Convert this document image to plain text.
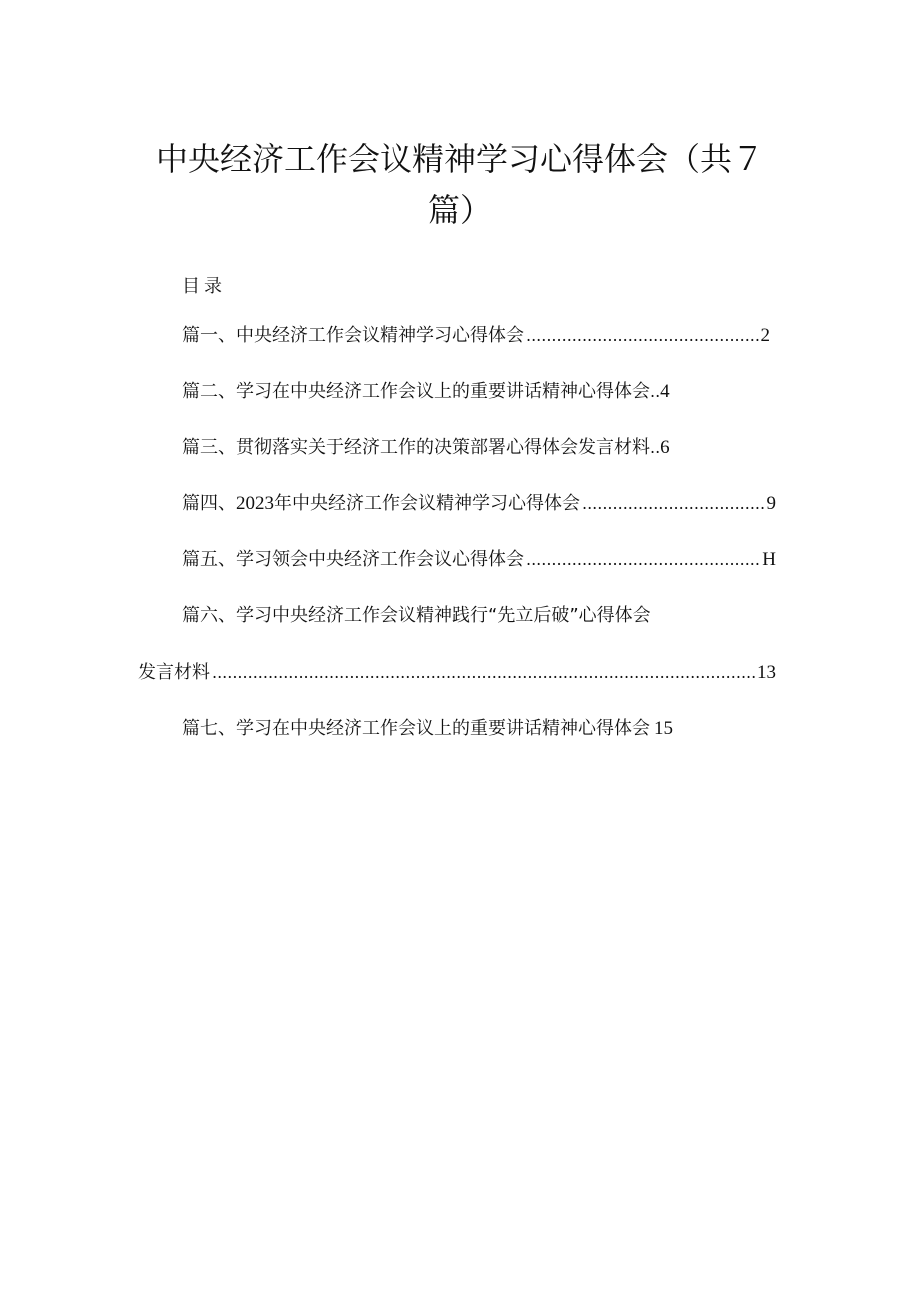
中央经济工作会议精神学习心得体会（共７
篇）
目录
篇一、中央经济工作会议精神学习心得体会 .....	2
篇二、学习在中央经济工作会议上的重要讲话精神心得体会 .. 4
篇三、贯彻落实关于经济工作的决策部署心得体会发言材料 .. 6
篇四、2023年中央经济工作会议精神学习心得体会 .....	9
篇五、学习领会中央经济工作会议心得体会 .....	H
篇六、学习中央经济工作会议精神践行“先立后破”心得体会
发言材料 .....	13
篇七、学习在中央经济工作会议上的重要讲话精神心得体会 15
